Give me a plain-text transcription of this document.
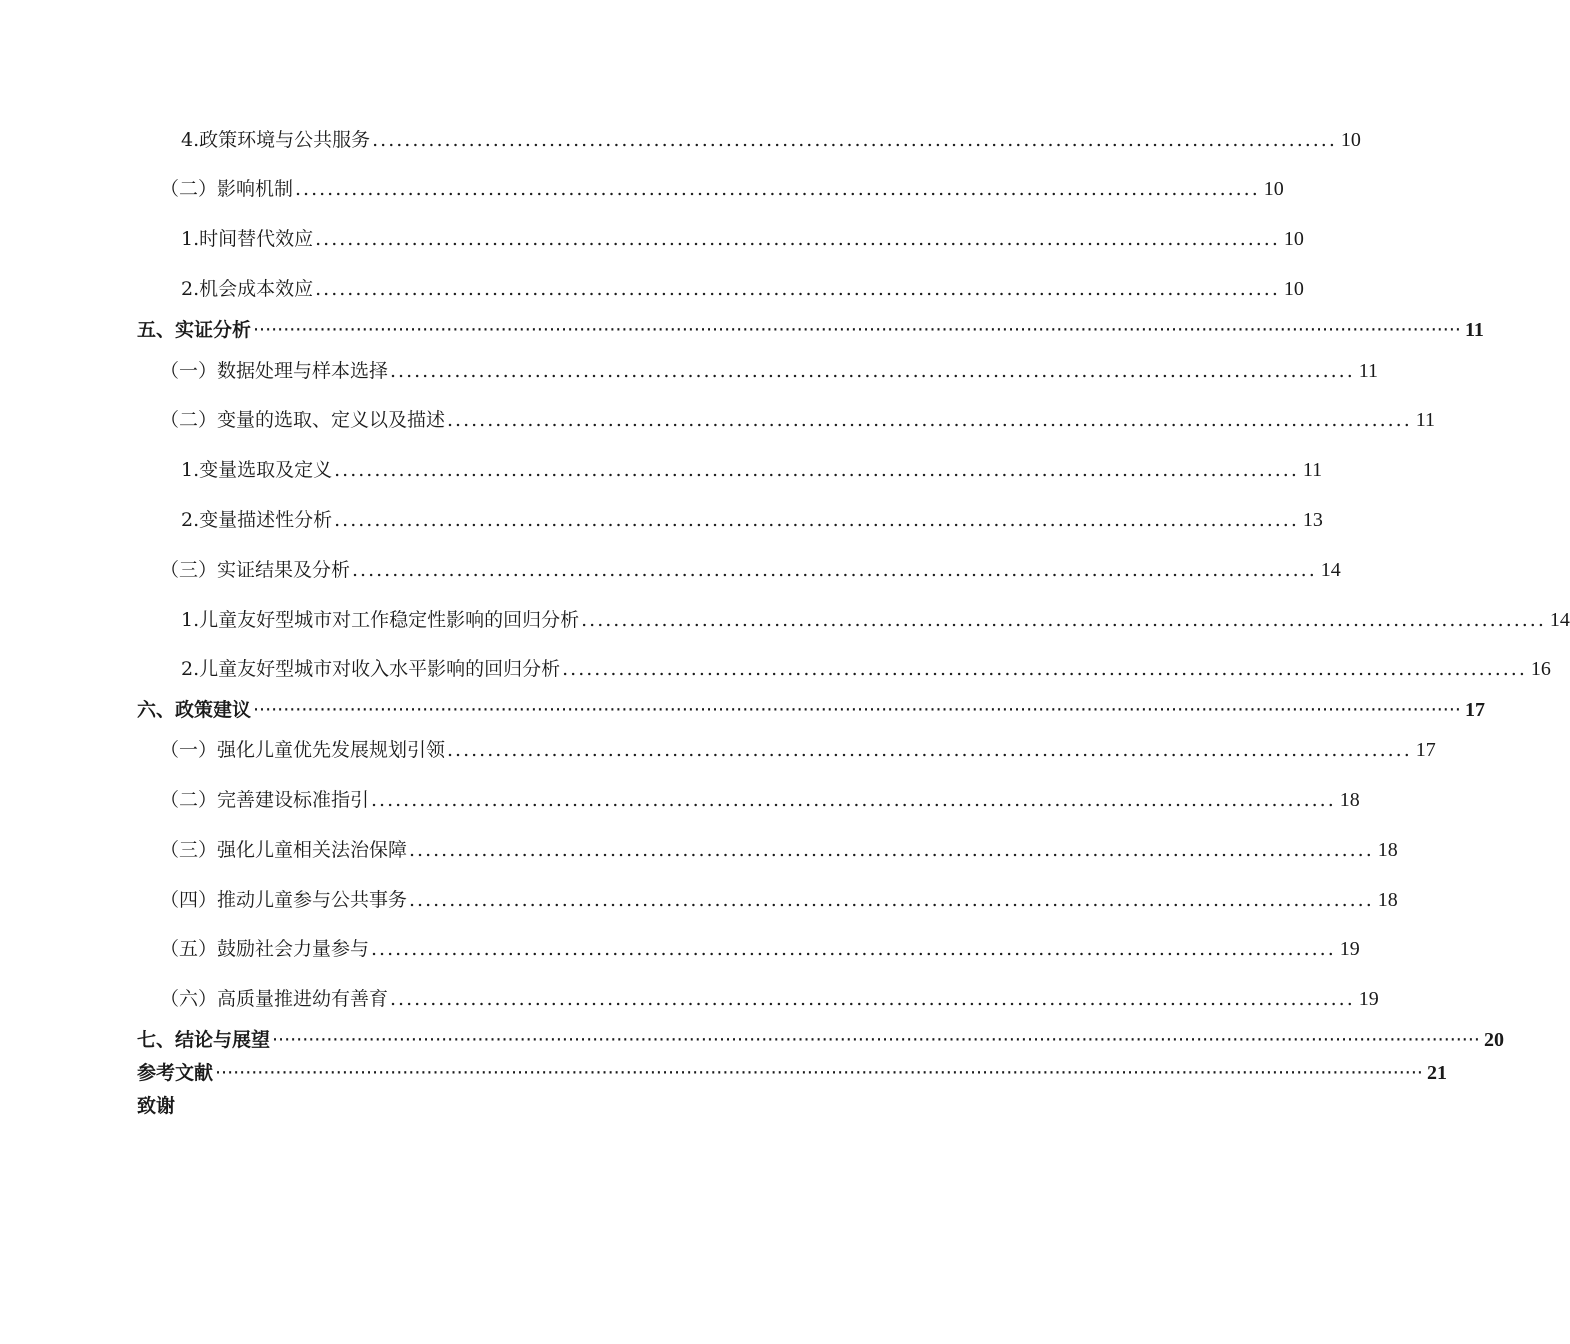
4.政策环境与公共服务 ........................................................................................................................ 10
（二）影响机制 ........................................................................................................................ 10
1.时间替代效应 ........................................................................................................................ 10
2.机会成本效应 ........................................................................................................................ 10
五、实证分析 ········································································································································································································ 11
（一）数据处理与样本选择 ........................................................................................................................ 11
（二）变量的选取、定义以及描述 ........................................................................................................................ 11
1.变量选取及定义 ........................................................................................................................ 11
2.变量描述性分析 ........................................................................................................................ 13
（三）实证结果及分析 ........................................................................................................................ 14
1.儿童友好型城市对工作稳定性影响的回归分析 ........................................................................................................................ 14
2.儿童友好型城市对收入水平影响的回归分析 ........................................................................................................................ 16
六、政策建议 ········································································································································································································ 17
（一）强化儿童优先发展规划引领 ........................................................................................................................ 17
（二）完善建设标准指引 ........................................................................................................................ 18
（三）强化儿童相关法治保障 ........................................................................................................................ 18
（四）推动儿童参与公共事务 ........................................................................................................................ 18
（五）鼓励社会力量参与 ........................................................................................................................ 19
（六）高质量推进幼有善育 ........................................................................................................................ 19
七、结论与展望 ········································································································································································································ 20
参考文献 ········································································································································································································ 21
致谢
